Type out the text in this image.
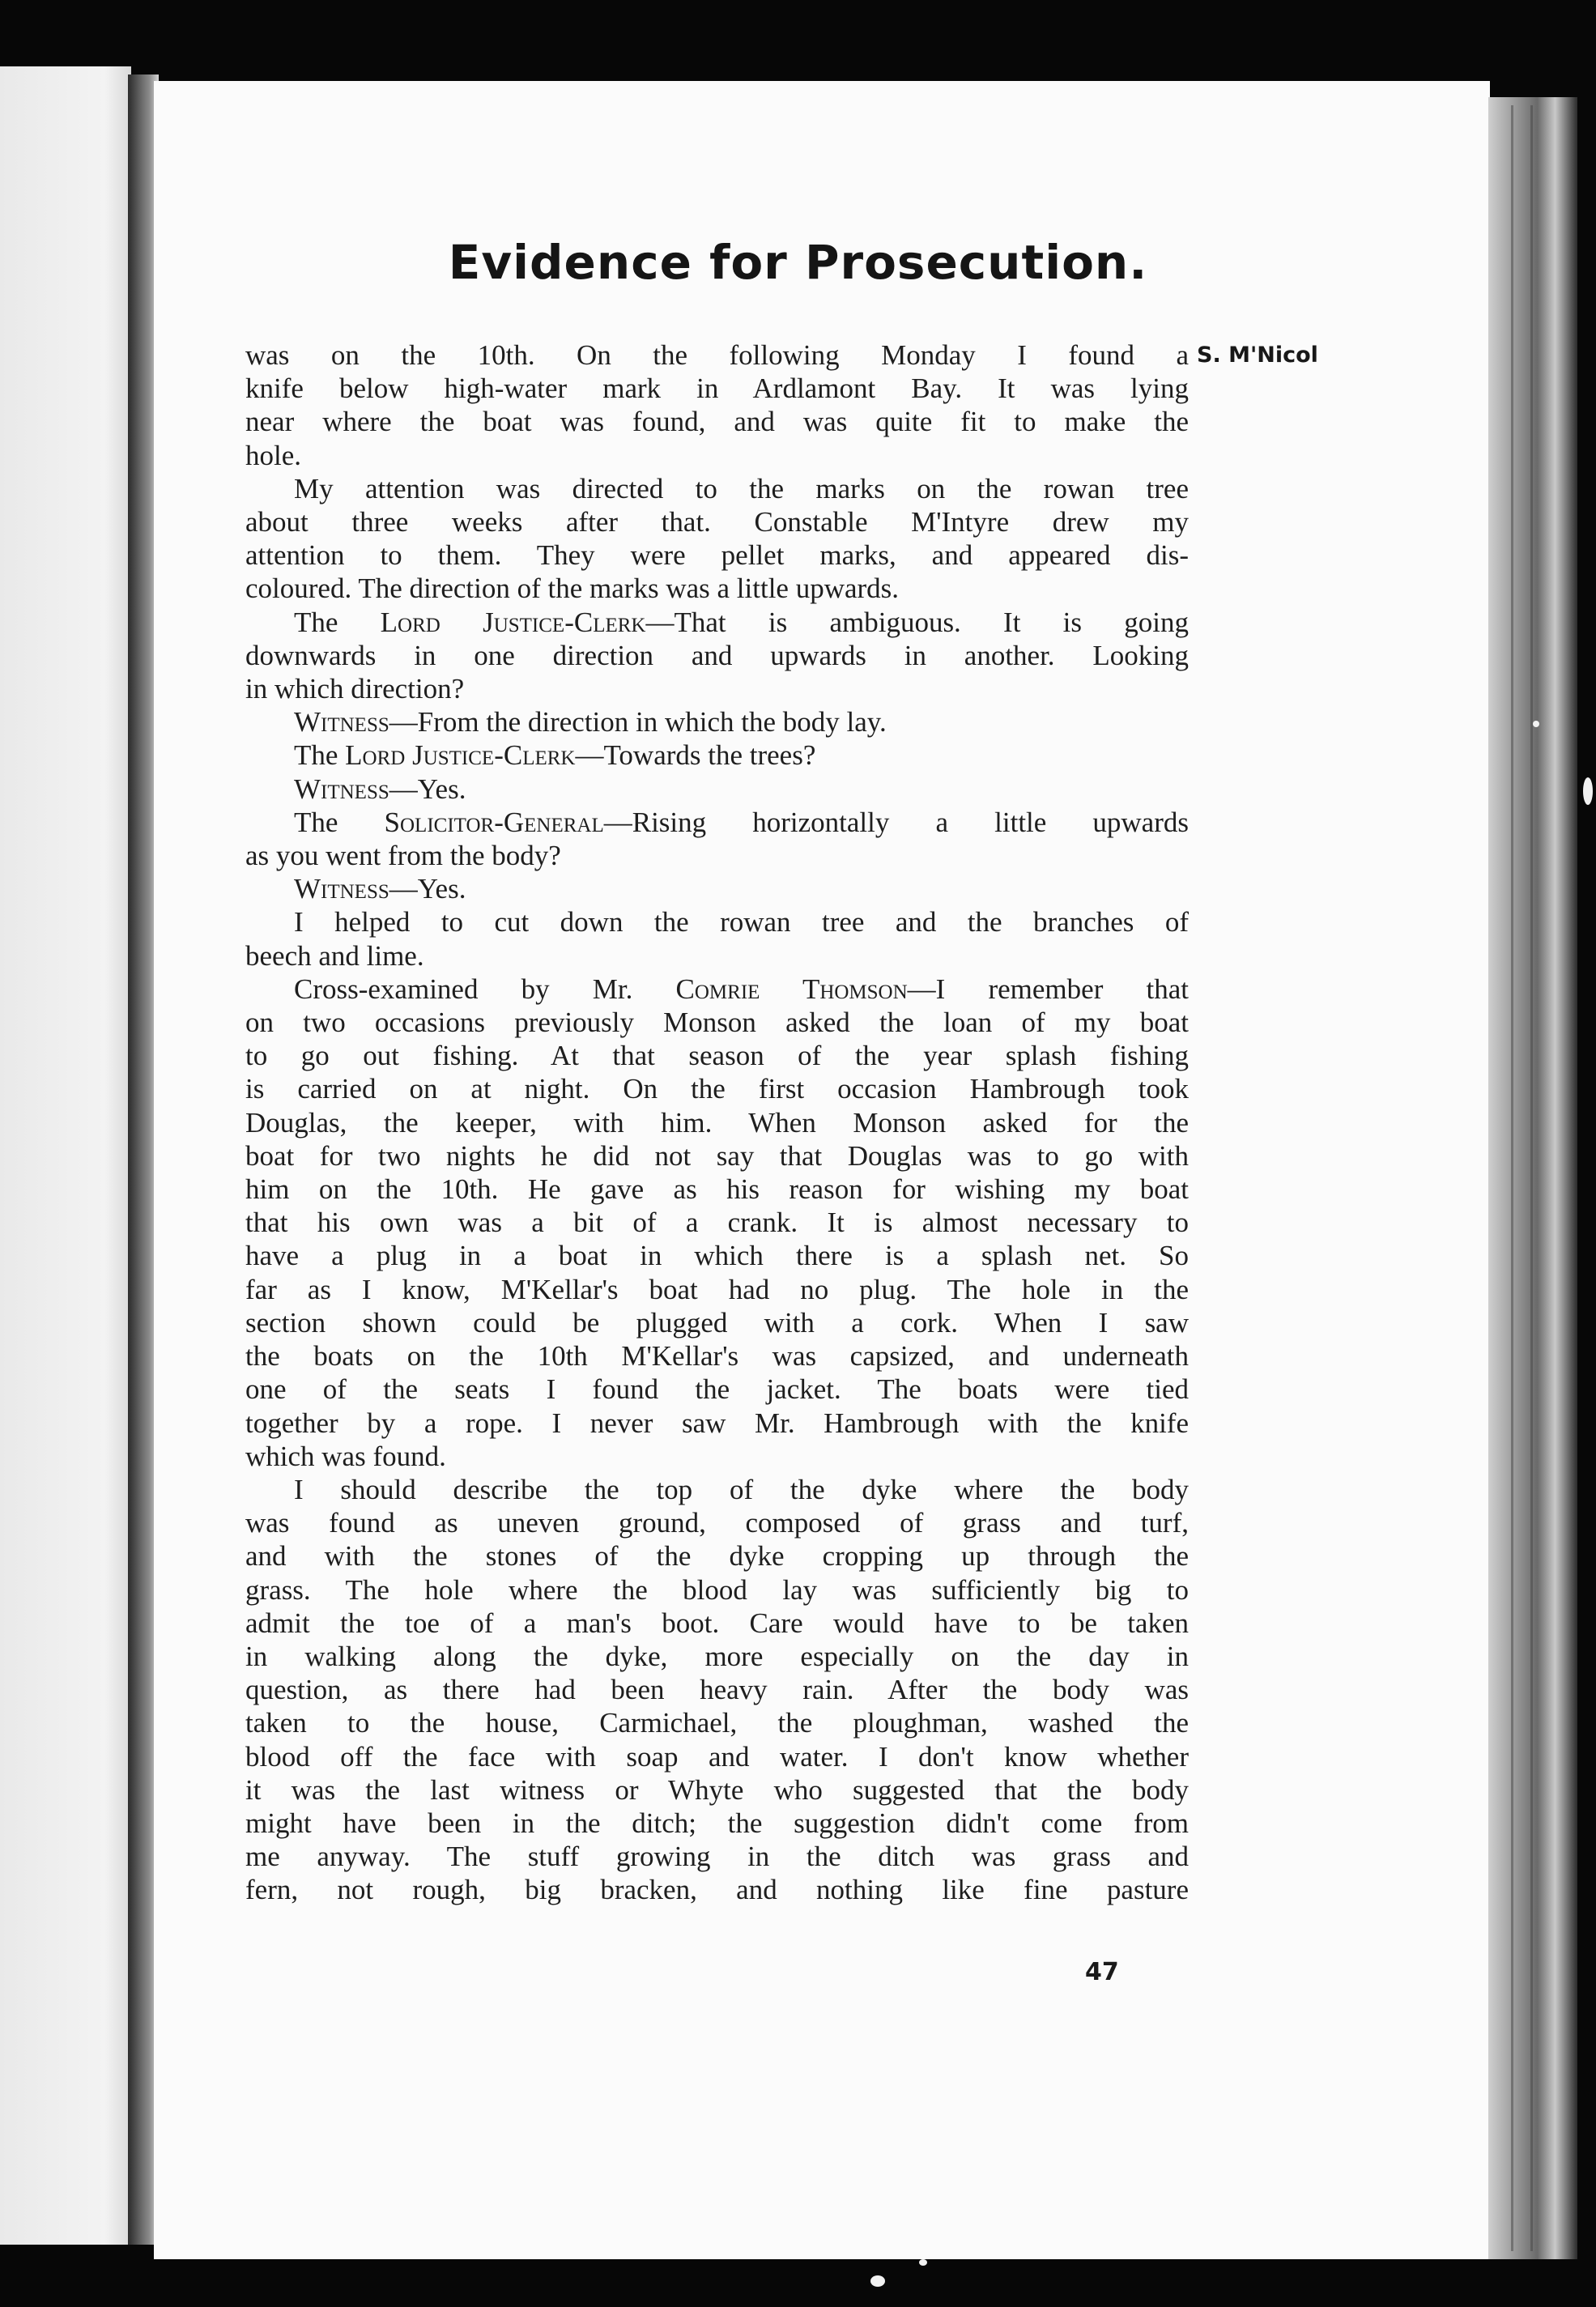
Evidence for Prosecution.
S. M'Nicol
was on the 10th. On the following Monday I found a
knife below high-water mark in Ardlamont Bay. It was lying
near where the boat was found, and was quite fit to make the
hole.
My attention was directed to the marks on the rowan tree
about three weeks after that. Constable M'Intyre drew my
attention to them. They were pellet marks, and appeared dis-
coloured. The direction of the marks was a little upwards.
The Lord Justice-Clerk—That is ambiguous. It is going
downwards in one direction and upwards in another. Looking
in which direction?
Witness—From the direction in which the body lay.
The Lord Justice-Clerk—Towards the trees?
Witness—Yes.
The Solicitor-General—Rising horizontally a little upwards
as you went from the body?
Witness—Yes.
I helped to cut down the rowan tree and the branches of
beech and lime.
Cross-examined by Mr. Comrie Thomson—I remember that
on two occasions previously Monson asked the loan of my boat
to go out fishing. At that season of the year splash fishing
is carried on at night. On the first occasion Hambrough took
Douglas, the keeper, with him. When Monson asked for the
boat for two nights he did not say that Douglas was to go with
him on the 10th. He gave as his reason for wishing my boat
that his own was a bit of a crank. It is almost necessary to
have a plug in a boat in which there is a splash net. So
far as I know, M'Kellar's boat had no plug. The hole in the
section shown could be plugged with a cork. When I saw
the boats on the 10th M'Kellar's was capsized, and underneath
one of the seats I found the jacket. The boats were tied
together by a rope. I never saw Mr. Hambrough with the knife
which was found.
I should describe the top of the dyke where the body
was found as uneven ground, composed of grass and turf,
and with the stones of the dyke cropping up through the
grass. The hole where the blood lay was sufficiently big to
admit the toe of a man's boot. Care would have to be taken
in walking along the dyke, more especially on the day in
question, as there had been heavy rain. After the body was
taken to the house, Carmichael, the ploughman, washed the
blood off the face with soap and water. I don't know whether
it was the last witness or Whyte who suggested that the body
might have been in the ditch; the suggestion didn't come from
me anyway. The stuff growing in the ditch was grass and
fern, not rough, big bracken, and nothing like fine pasture
47
